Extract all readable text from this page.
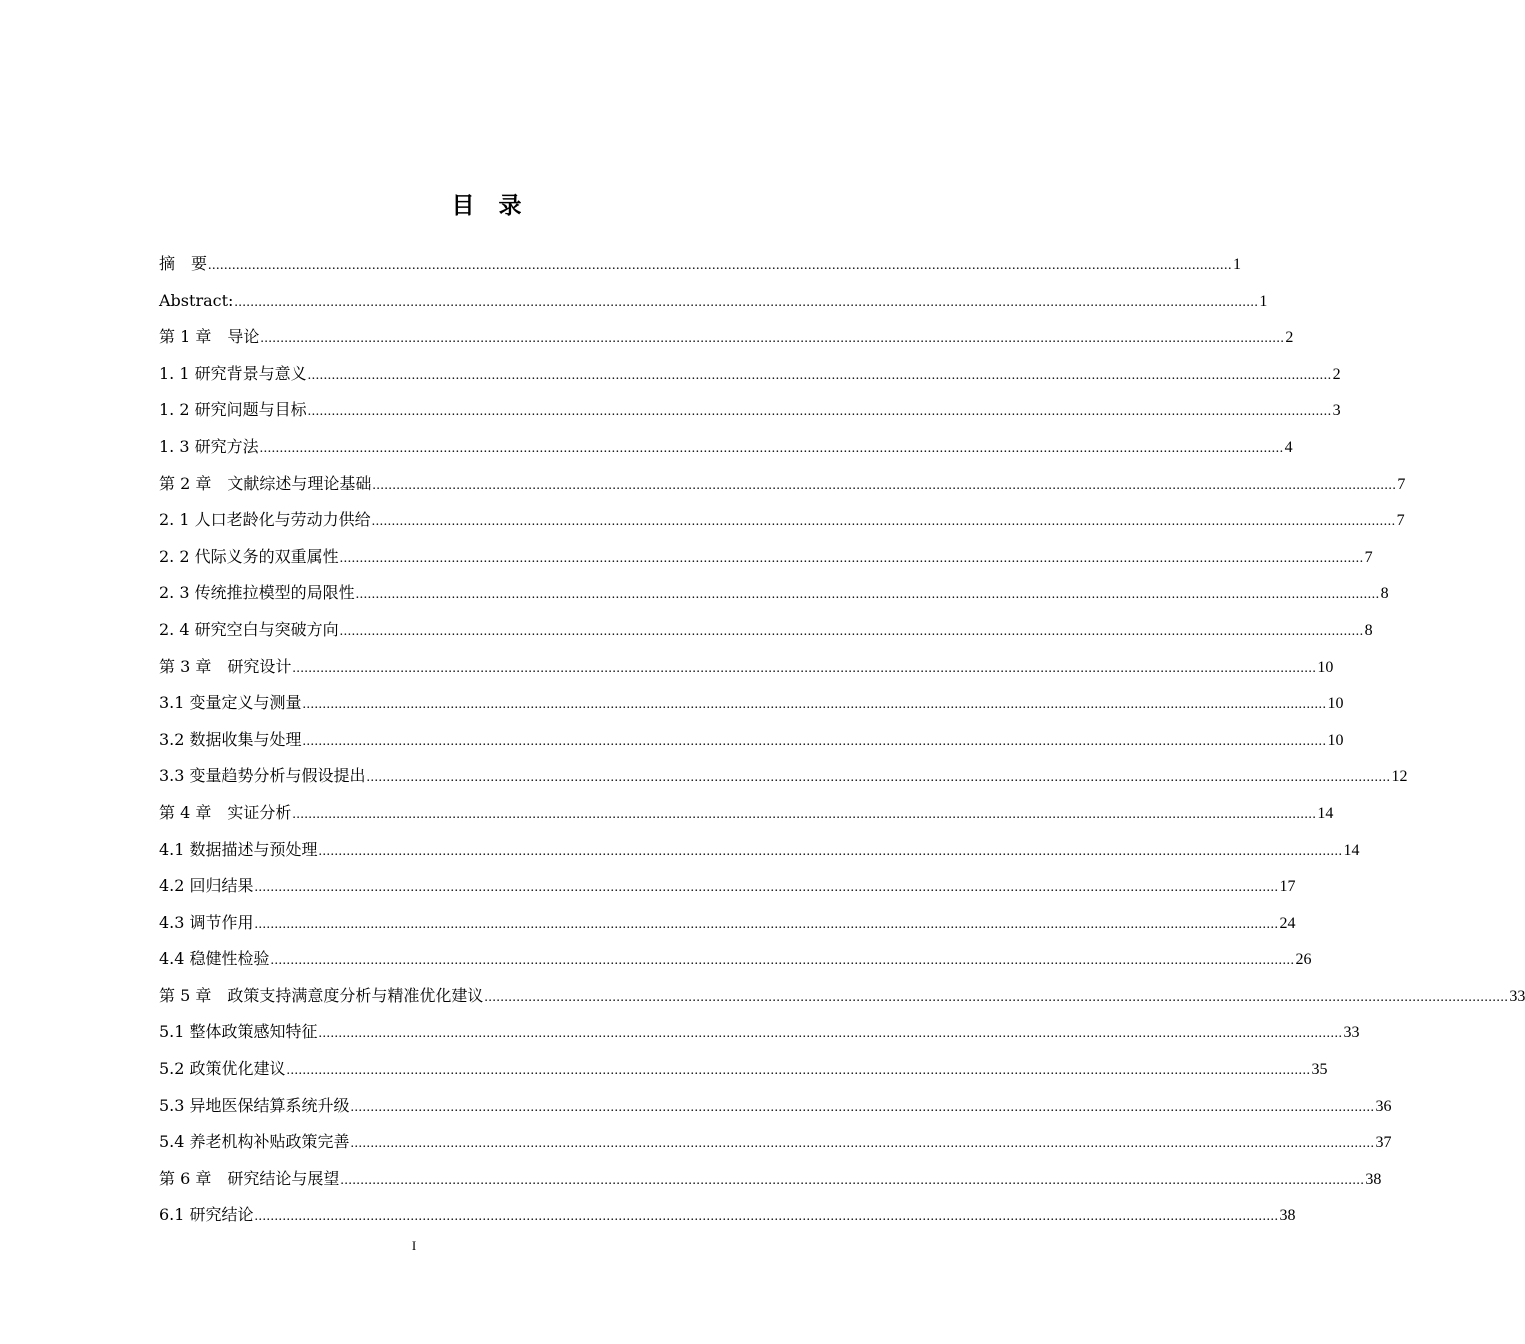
目录
摘　要 ................................................................................................................................................................................................................................................................ 1
Abstract: ................................................................................................................................................................................................................................................................ 1
第 1 章　导论 ................................................................................................................................................................................................................................................................ 2
1. 1 研究背景与意义 ................................................................................................................................................................................................................................................................ 2
1. 2 研究问题与目标 ................................................................................................................................................................................................................................................................ 3
1. 3 研究方法 ................................................................................................................................................................................................................................................................ 4
第 2 章　文献综述与理论基础 ................................................................................................................................................................................................................................................................ 7
2. 1 人口老龄化与劳动力供给 ................................................................................................................................................................................................................................................................ 7
2. 2 代际义务的双重属性 ................................................................................................................................................................................................................................................................ 7
2. 3 传统推拉模型的局限性 ................................................................................................................................................................................................................................................................ 8
2. 4 研究空白与突破方向 ................................................................................................................................................................................................................................................................ 8
第 3 章　研究设计 ................................................................................................................................................................................................................................................................ 10
3.1 变量定义与测量 ................................................................................................................................................................................................................................................................ 10
3.2 数据收集与处理 ................................................................................................................................................................................................................................................................ 10
3.3 变量趋势分析与假设提出 ................................................................................................................................................................................................................................................................ 12
第 4 章　实证分析 ................................................................................................................................................................................................................................................................ 14
4.1 数据描述与预处理 ................................................................................................................................................................................................................................................................ 14
4.2 回归结果 ................................................................................................................................................................................................................................................................ 17
4.3 调节作用 ................................................................................................................................................................................................................................................................ 24
4.4 稳健性检验 ................................................................................................................................................................................................................................................................ 26
第 5 章　政策支持满意度分析与精准优化建议 ................................................................................................................................................................................................................................................................ 33
5.1 整体政策感知特征 ................................................................................................................................................................................................................................................................ 33
5.2 政策优化建议 ................................................................................................................................................................................................................................................................ 35
5.3 异地医保结算系统升级 ................................................................................................................................................................................................................................................................ 36
5.4 养老机构补贴政策完善 ................................................................................................................................................................................................................................................................ 37
第 6 章　研究结论与展望 ................................................................................................................................................................................................................................................................ 38
6.1 研究结论 ................................................................................................................................................................................................................................................................ 38
I
